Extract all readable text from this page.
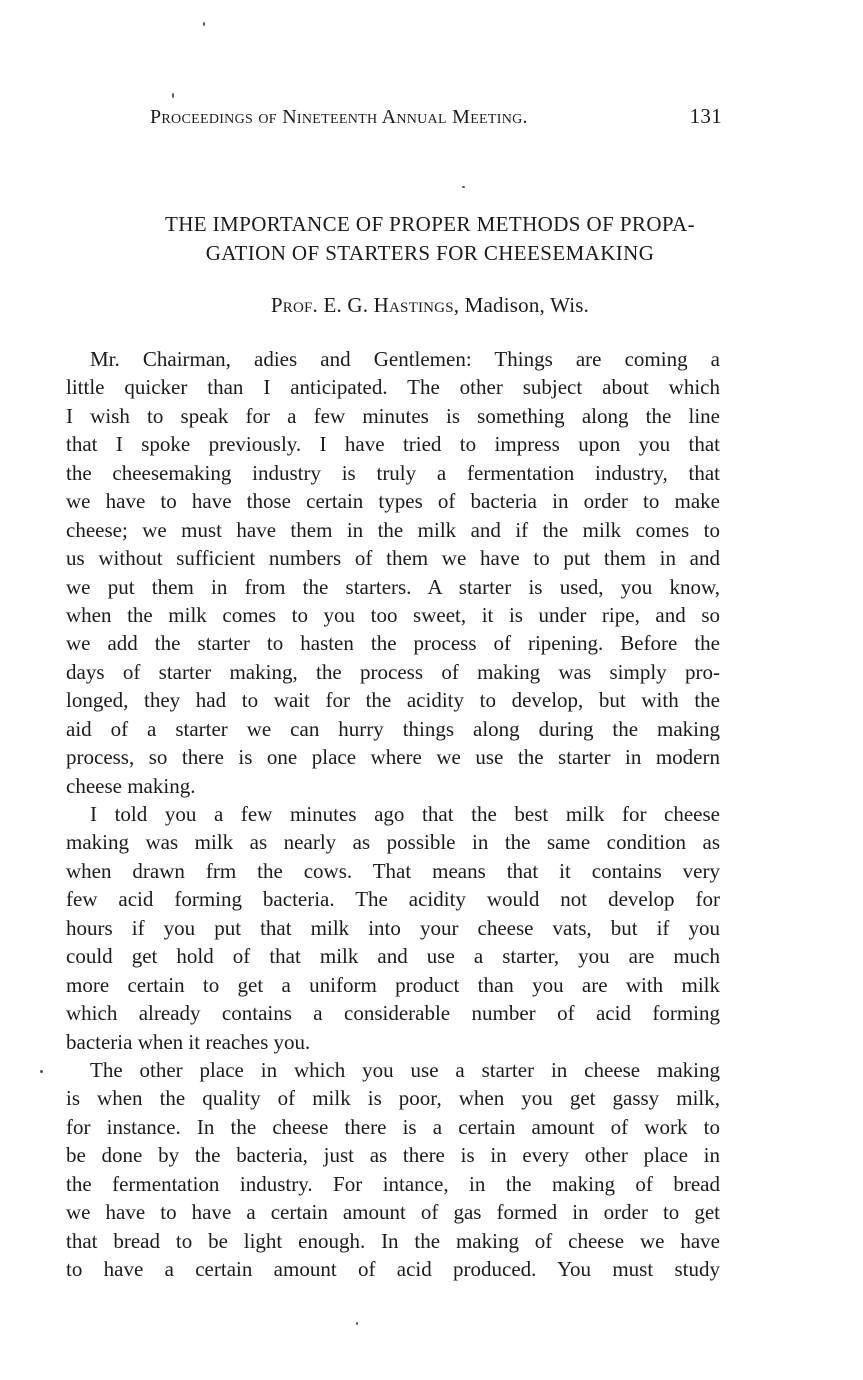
Proceedings of Nineteenth Annual Meeting.	131
THE IMPORTANCE OF PROPER METHODS OF PROPA-
GATION OF STARTERS FOR CHEESEMAKING
Prof. E. G. Hastings, Madison, Wis.
Mr. Chairman, adies and Gentlemen: Things are coming a
little quicker than I anticipated. The other subject about which
I wish to speak for a few minutes is something along the line
that I spoke previously. I have tried to impress upon you that
the cheesemaking industry is truly a fermentation industry, that
we have to have those certain types of bacteria in order to make
cheese; we must have them in the milk and if the milk comes to
us without sufficient numbers of them we have to put them in and
we put them in from the starters. A starter is used, you know,
when the milk comes to you too sweet, it is under ripe, and so
we add the starter to hasten the process of ripening. Before the
days of starter making, the process of making was simply pro-
longed, they had to wait for the acidity to develop, but with the
aid of a starter we can hurry things along during the making
process, so there is one place where we use the starter in modern
cheese making.
I told you a few minutes ago that the best milk for cheese
making was milk as nearly as possible in the same condition as
when drawn frm the cows. That means that it contains very
few acid forming bacteria. The acidity would not develop for
hours if you put that milk into your cheese vats, but if you
could get hold of that milk and use a starter, you are much
more certain to get a uniform product than you are with milk
which already contains a considerable number of acid forming
bacteria when it reaches you.
The other place in which you use a starter in cheese making
is when the quality of milk is poor, when you get gassy milk,
for instance. In the cheese there is a certain amount of work to
be done by the bacteria, just as there is in every other place in
the fermentation industry. For intance, in the making of bread
we have to have a certain amount of gas formed in order to get
that bread to be light enough. In the making of cheese we have
to have a certain amount of acid produced. You must study
